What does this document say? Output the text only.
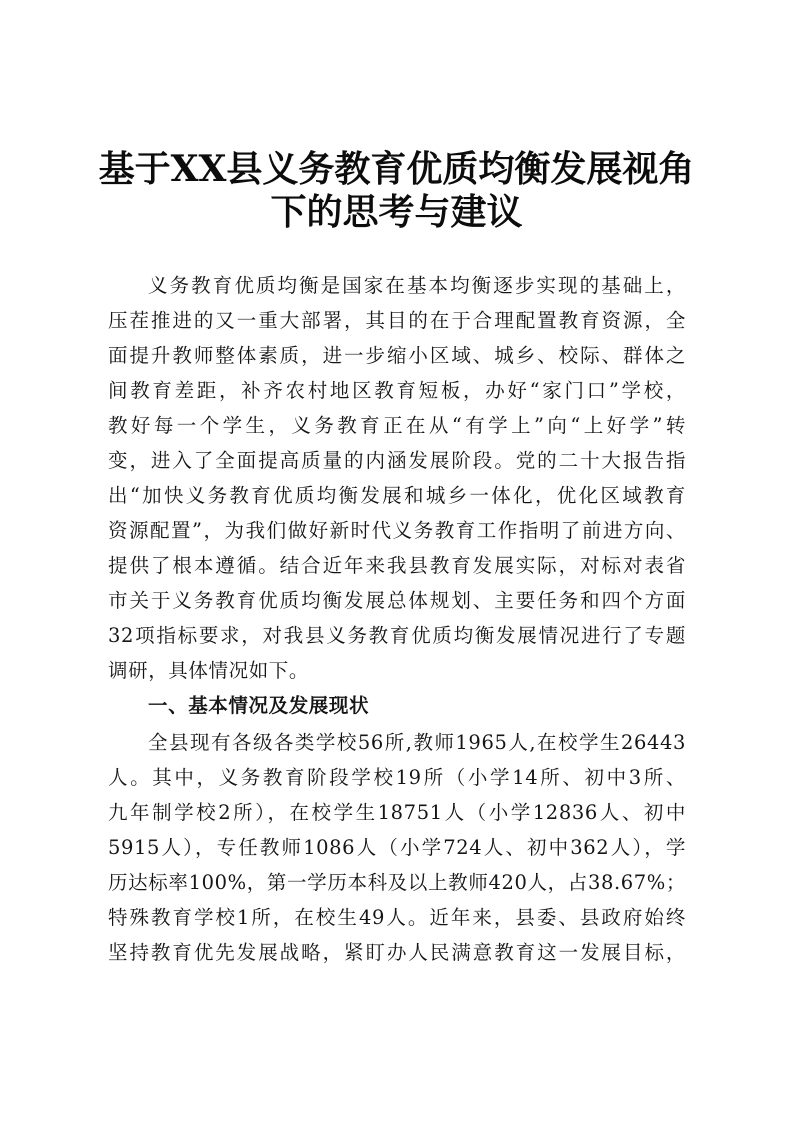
基于XX县义务教育优质均衡发展视角
下的思考与建议
义务教育优质均衡是国家在基本均衡逐步实现的基础上，
压茬推进的又一重大部署，其目的在于合理配置教育资源，全
面提升教师整体素质，进一步缩小区域、城乡、校际、群体之
间教育差距，补齐农村地区教育短板，办好“家门口”学校，
教好每一个学生，义务教育正在从“有学上”向“上好学”转
变，进入了全面提高质量的内涵发展阶段。党的二十大报告指
出“加快义务教育优质均衡发展和城乡一体化，优化区域教育
资源配置”，为我们做好新时代义务教育工作指明了前进方向、
提供了根本遵循。结合近年来我县教育发展实际，对标对表省
市关于义务教育优质均衡发展总体规划、主要任务和四个方面
32项指标要求，对我县义务教育优质均衡发展情况进行了专题
调研，具体情况如下。
一、基本情况及发展现状
全县现有各级各类学校56所,教师1965人,在校学生26443
人。其中，义务教育阶段学校19所（小学14所、初中3所、
九年制学校2所），在校学生18751人（小学12836人、初中
5915人），专任教师1086人（小学724人、初中362人），学
历达标率100%，第一学历本科及以上教师420人，占38.67%；
特殊教育学校1所，在校生49人。近年来，县委、县政府始终
坚持教育优先发展战略，紧盯办人民满意教育这一发展目标，
